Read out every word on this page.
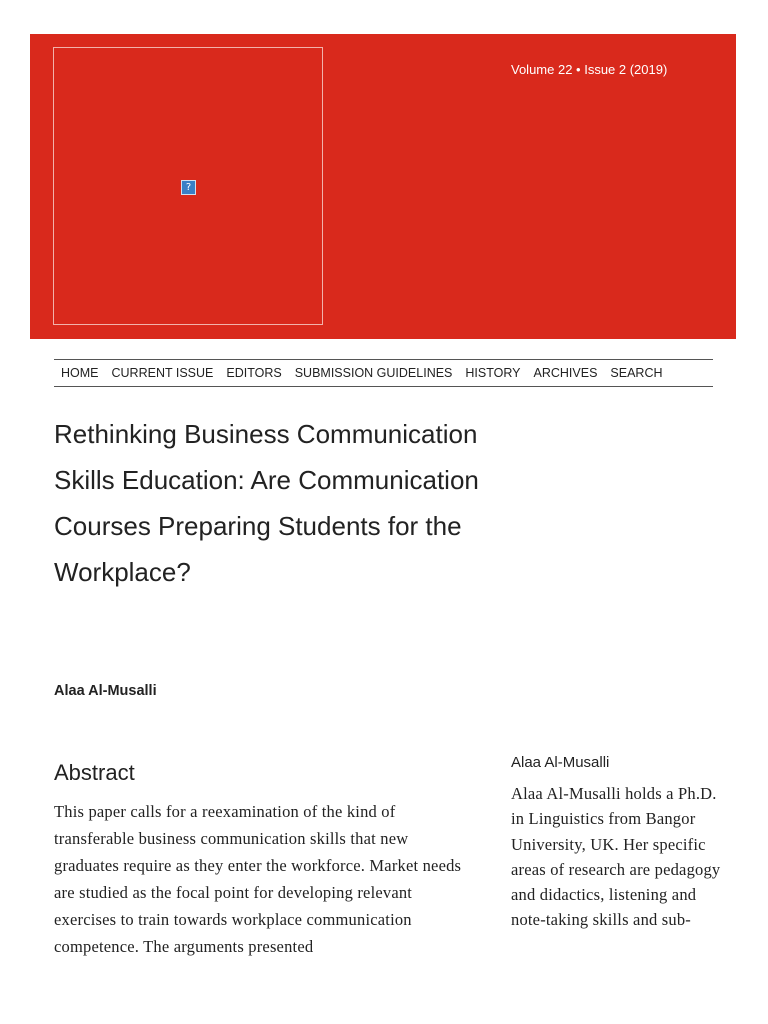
?
Volume 22 • Issue 2 (2019)
HOME CURRENT ISSUE EDITORS SUBMISSION GUIDELINES HISTORY ARCHIVES SEARCH
Rethinking Business Communication Skills Education: Are Communication Courses Preparing Students for the Workplace?
Alaa Al-Musalli
Abstract

This paper calls for a reexamination of the kind of transferable business communication skills that new graduates require as they enter the workforce. Market needs are studied as the focal point for developing relevant exercises to train towards workplace communication competence. The arguments presented

Alaa Al-Musalli

Alaa Al-Musalli holds a Ph.D. in Linguistics from Bangor University, UK. Her specific areas of research are pedagogy and didactics, listening and note-taking skills and sub-
